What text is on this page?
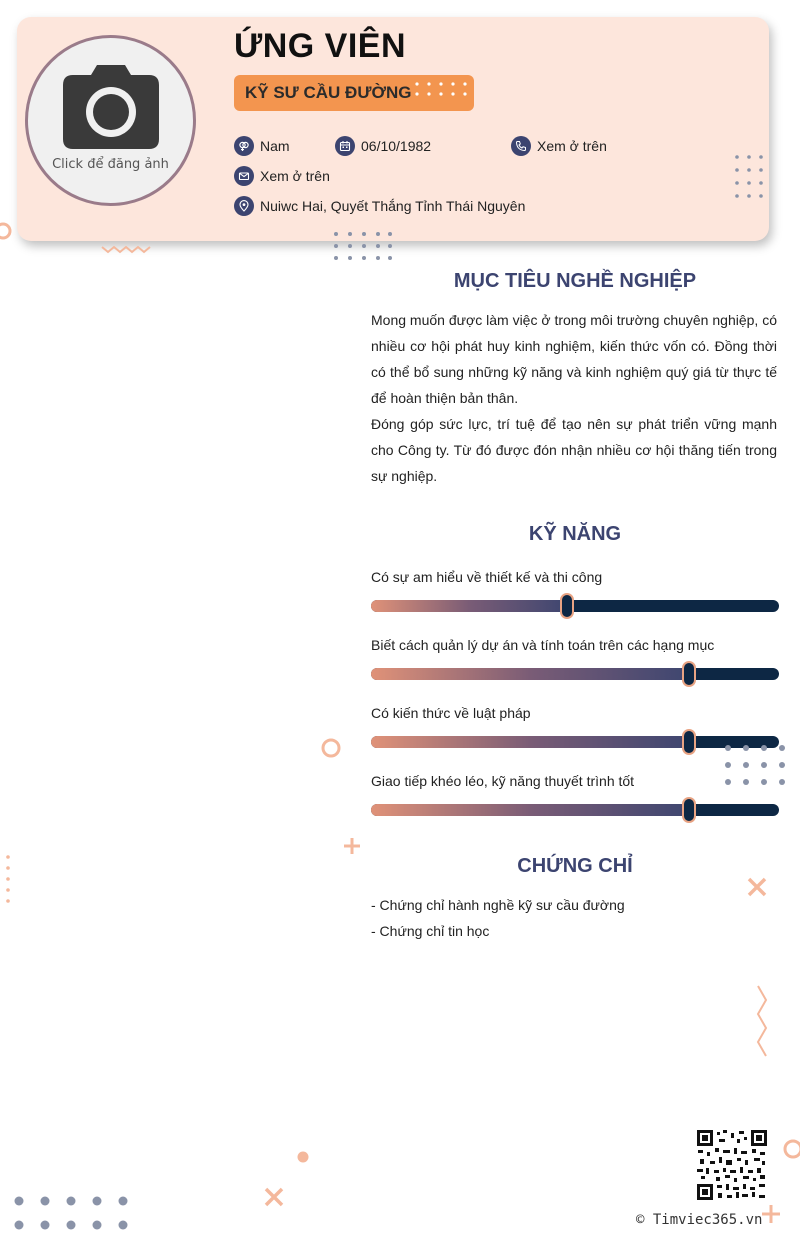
Click để đăng ảnh
ỨNG VIÊN
KỸ SƯ CẦU ĐƯỜNG
Nam	06/10/1982	Xem ở trên
Xem ở trên
Nuiwc Hai, Quyết Thắng Tỉnh Thái Nguyên
MỤC TIÊU NGHỀ NGHIỆP
Mong muốn được làm việc ở trong môi trường chuyên nghiệp, có nhiều cơ hội phát huy kinh nghiệm, kiến thức vốn có. Đồng thời có thể bổ sung những kỹ năng và kinh nghiệm quý giá từ thực tế để hoàn thiện bản thân.
Đóng góp sức lực, trí tuệ để tạo nên sự phát triển vững mạnh cho Công ty. Từ đó được đón nhận nhiều cơ hội thăng tiến trong sự nghiệp.
KỸ NĂNG
Có sự am hiểu về thiết kế và thi công
Biết cách quản lý dự án và tính toán trên các hạng mục
Có kiến thức về luật pháp
Giao tiếp khéo léo, kỹ năng thuyết trình tốt
CHỨNG CHỈ
- Chứng chỉ hành nghề kỹ sư cầu đường
- Chứng chỉ tin học
© Timviec365.vn
